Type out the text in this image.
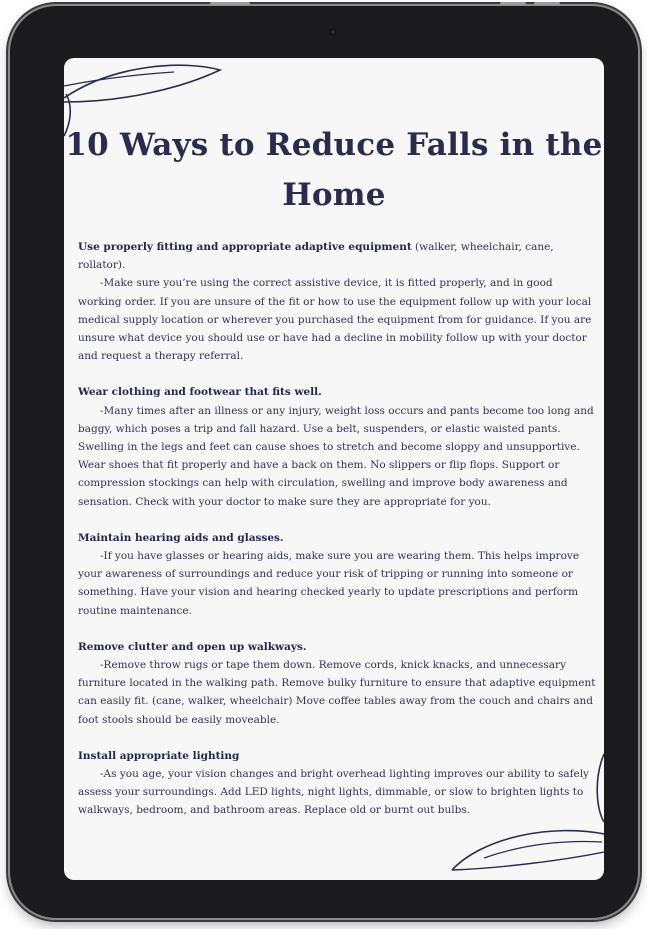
10 Ways to Reduce Falls in the Home
Use properly fitting and appropriate adaptive equipment (walker, wheelchair, cane, rollator).
-Make sure you’re using the correct assistive device, it is fitted properly, and in good working order. If you are unsure of the fit or how to use the equipment follow up with your local medical supply location or wherever you purchased the equipment from for guidance. If you are unsure what device you should use or have had a decline in mobility follow up with your doctor and request a therapy referral.
Wear clothing and footwear that fits well.
-Many times after an illness or any injury, weight loss occurs and pants become too long and baggy, which poses a trip and fall hazard. Use a belt, suspenders, or elastic waisted pants. Swelling in the legs and feet can cause shoes to stretch and become sloppy and unsupportive. Wear shoes that fit properly and have a back on them. No slippers or flip flops. Support or compression stockings can help with circulation, swelling and improve body awareness and sensation. Check with your doctor to make sure they are appropriate for you.
Maintain hearing aids and glasses.
-If you have glasses or hearing aids, make sure you are wearing them. This helps improve your awareness of surroundings and reduce your risk of tripping or running into someone or something. Have your vision and hearing checked yearly to update prescriptions and perform routine maintenance.
Remove clutter and open up walkways.
-Remove throw rugs or tape them down. Remove cords, knick knacks, and unnecessary furniture located in the walking path. Remove bulky furniture to ensure that adaptive equipment can easily fit. (cane, walker, wheelchair) Move coffee tables away from the couch and chairs and foot stools should be easily moveable.
Install appropriate lighting
-As you age, your vision changes and bright overhead lighting improves our ability to safely assess your surroundings. Add LED lights, night lights, dimmable, or slow to brighten lights to walkways, bedroom, and bathroom areas. Replace old or burnt out bulbs.
